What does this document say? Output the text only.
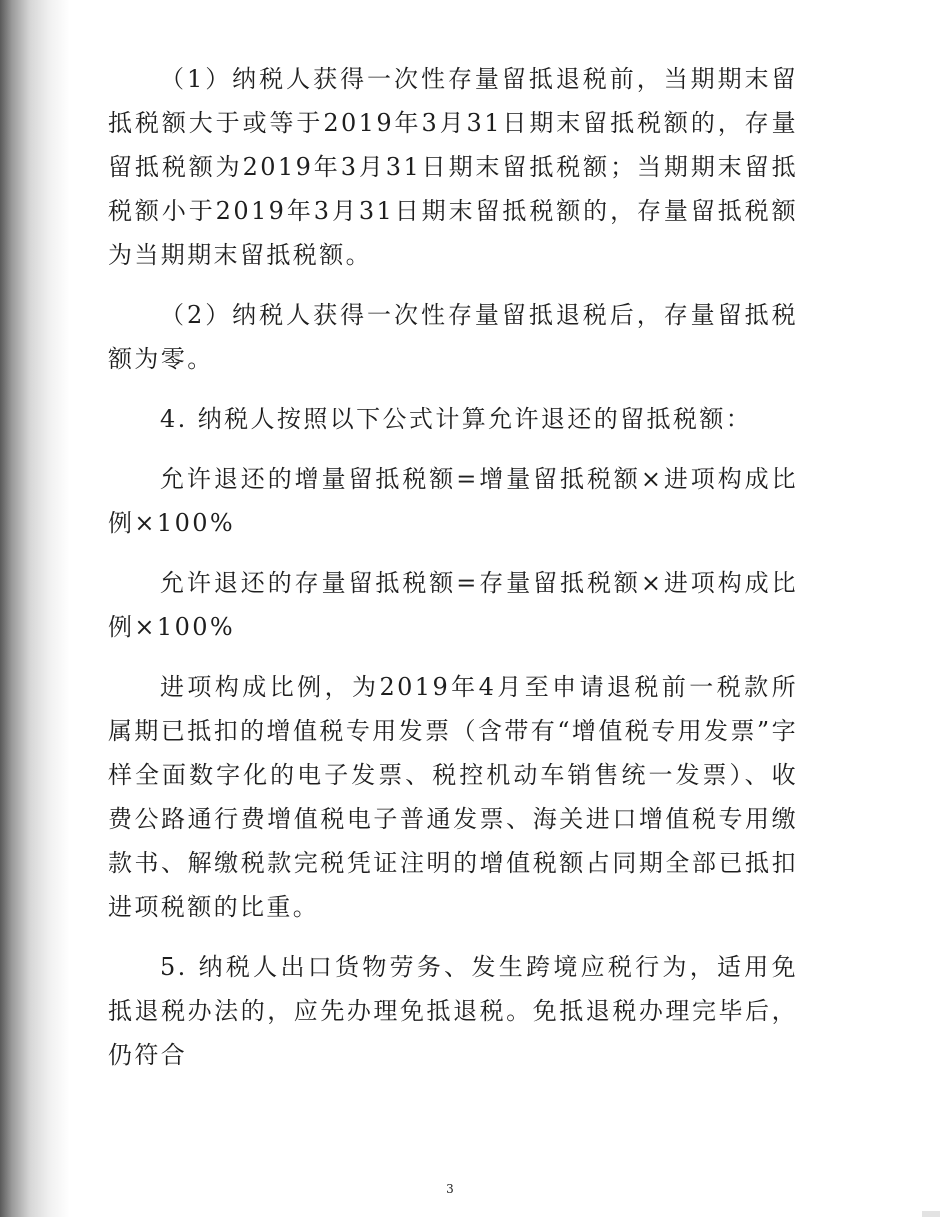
（1）纳税人获得一次性存量留抵退税前，当期期末留抵税额大于或等于2019年3月31日期末留抵税额的，存量留抵税额为2019年3月31日期末留抵税额；当期期末留抵税额小于2019年3月31日期末留抵税额的，存量留抵税额为当期期末留抵税额。

（2）纳税人获得一次性存量留抵退税后，存量留抵税额为零。

4. 纳税人按照以下公式计算允许退还的留抵税额：

允许退还的增量留抵税额=增量留抵税额×进项构成比例×100%

允许退还的存量留抵税额=存量留抵税额×进项构成比例×100%

进项构成比例，为2019年4月至申请退税前一税款所属期已抵扣的增值税专用发票（含带有“增值税专用发票”字样全面数字化的电子发票、税控机动车销售统一发票）、收费公路通行费增值税电子普通发票、海关进口增值税专用缴款书、解缴税款完税凭证注明的增值税额占同期全部已抵扣进项税额的比重。

5. 纳税人出口货物劳务、发生跨境应税行为，适用免抵退税办法的，应先办理免抵退税。免抵退税办理完毕后，仍符合

3
